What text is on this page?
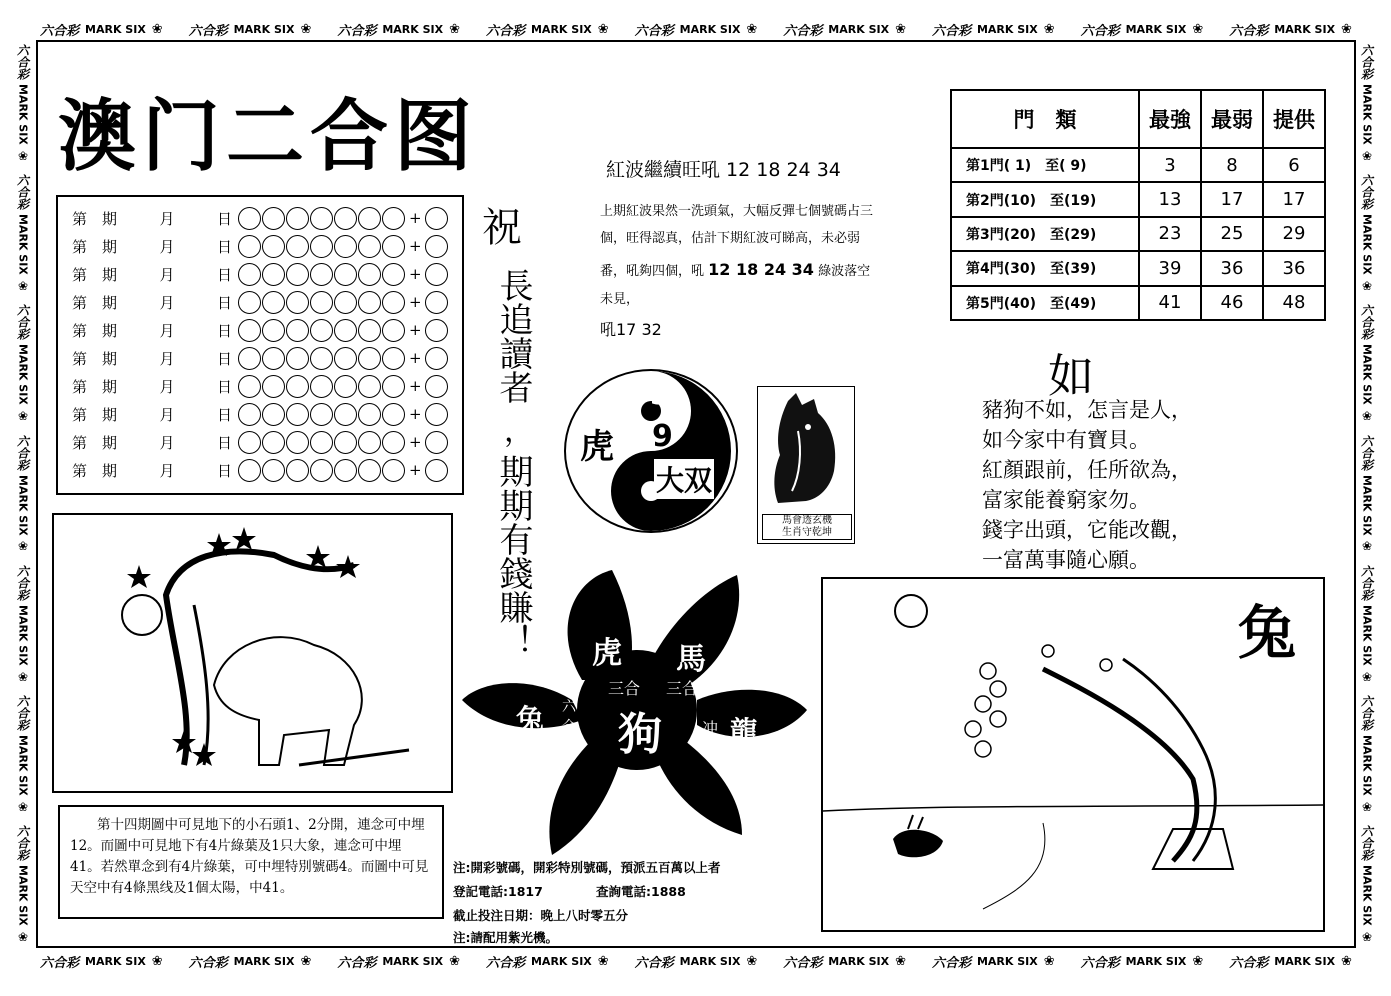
六合彩 MARK SIX ❀ 六合彩 MARK SIX ❀ 六合彩 MARK SIX ❀ 六合彩 MARK SIX ❀ 六合彩 MARK SIX ❀ 六合彩 MARK SIX ❀ 六合彩 MARK SIX ❀ 六合彩 MARK SIX ❀ 六合彩 MARK SIX ❀
六合彩 MARK SIX ❀ 六合彩 MARK SIX ❀ 六合彩 MARK SIX ❀ 六合彩 MARK SIX ❀ 六合彩 MARK SIX ❀ 六合彩 MARK SIX ❀ 六合彩 MARK SIX ❀ 六合彩 MARK SIX ❀ 六合彩 MARK SIX ❀
六合彩
MARK SIX
❀
六合彩
MARK SIX
❀
六合彩
MARK SIX
❀
六合彩
MARK SIX
❀
六合彩
MARK SIX
❀
六合彩
MARK SIX
❀
六合彩
MARK SIX
❀
六合彩
MARK SIX
❀
六合彩
MARK SIX
❀
六合彩
MARK SIX
❀
六合彩
MARK SIX
❀
六合彩
MARK SIX
❀
六合彩
MARK SIX
❀
六合彩
MARK SIX
❀
澳门二合图
第　期	月	日	+
第　期	月	日	+
第　期	月	日	+
第　期	月	日	+
第　期	月	日	+
第　期	月	日	+
第　期	月	日	+
第　期	月	日	+
第　期	月	日	+
第　期	月	日	+
祝
長追讀者
，
期期有錢賺！
紅波繼續旺吼 12 18 24 34
上期紅波果然一洗頭氣，大幅反彈七個號碼占三個，旺得認真，估計下期紅波可睇高，未必弱番，吼夠四個，吼 12 18 24 34 綠波落空未見，
吼17 32
門　類	最強	最弱	提供
第1門( 1)　至( 9)	3	8	6
第2門(10)　至(19)	13	17	17
第3門(20)　至(29)	23	25	29
第4門(30)　至(39)	39	36	36
第5門(40)　至(49)	41	46	48
虎
3
9
大双
馬會透玄機
生肖守乾坤
如
豬狗不如，怎言是人，
如今家中有寶貝。
紅顏跟前，任所欲為，
富家能養窮家勿。
錢字出頭，它能改觀，
一富萬事隨心願。
虎 馬
三合 三合
狗
兔 六
合	冲 龍

第十四期圖中可見地下的小石頭1、2分開，連念可中埋12。而圖中可見地下有4片綠葉及1只大象，連念可中埋41。若然單念到有4片綠葉，可中埋特別號碼4。而圖中可見天空中有4條黑线及1個太陽，中41。

注:開彩號碼，開彩特別號碼，預派五百萬以上者
登記電話:1817	查詢電話:1888
截止投注日期：晚上八时零五分
注:請配用紫光機。
兔
